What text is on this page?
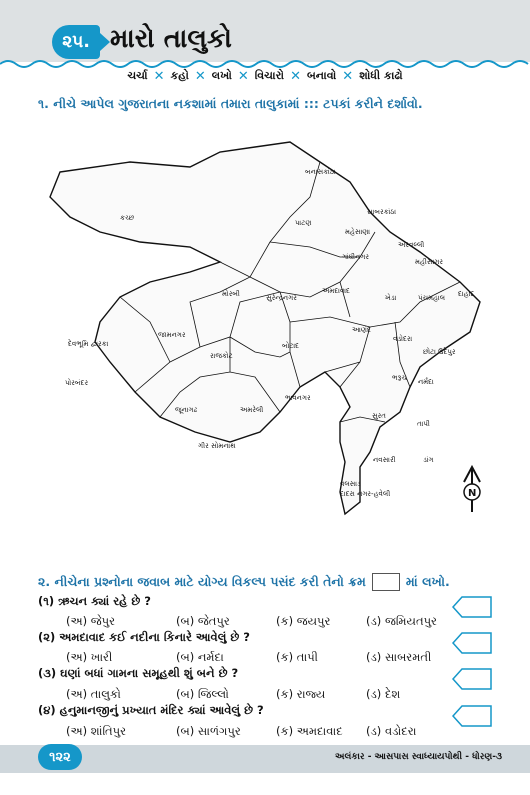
૨૫. મારો તાલુકો
ચર્ચા ✕ કહો ✕ લખો ✕ વિચારો ✕ બનાવો ✕ શોધી કાઢો
૧. નીચે આપેલ ગુજરાતના નકશામાં તમારા તાલુકામાં ::: ટપકાં કરીને દર્શાવો.
બનાસકાંઠા
કચ્છ
પાટણ
સાબરકાંઠા
મહેસાણા
અરવલ્લી
ગાંધીનગર
મહીસાગર
મોરબી	સુરેન્દ્રનગર
અમદાવાદ
ખેડા	પંચમહાલ દાહોદ
જામનગર
આણંદ
વડોદરા
દેવભૂમિ દ્વારકા
રાજકોટ
બોટાદ
છોટા ઉદેપુર
પોરબંદર
ભરૂચ નર્મદા
જૂનાગઢ	અમરેલી
ભાવનગર
સુરત
તાપી
ગીર સોમનાથ
નવસારી	ડાંગ
વલસાડ
દાદરા નગર-હવેલી	N
૨. નીચેના પ્રશ્નોના જવાબ માટે યોગ્ય વિકલ્પ પસંદ કરી તેનો ક્રમ	માં લખો.
(૧) ઋચન ક્યાં રહે છે ?
(અ) જેપુર	(બ) જેતપુર	(ક) જયપુર	(ડ) જમિયતપુર
(૨) અમદાવાદ કઈ નદીના કિનારે આવેલું છે ?
(અ) ખારી	(બ) નર્મદા	(ક) તાપી	(ડ) સાબરમતી
(૩) ઘણાં બધાં ગામના સમૂહથી શું બને છે ?
(અ) તાલુકો	(બ) જિલ્લો	(ક) રાજ્ય	(ડ) દેશ
(૪) હનુમાનજીનું પ્રખ્યાત મંદિર ક્યાં આવેલું છે ?
(અ) શાંતિપુર	(બ) સાળંગપુર	(ક) અમદાવાદ (ડ) વડોદરા
૧૨૨	અલંકાર - આસપાસ સ્વાધ્યાયપોથી - ધોરણ-૩
